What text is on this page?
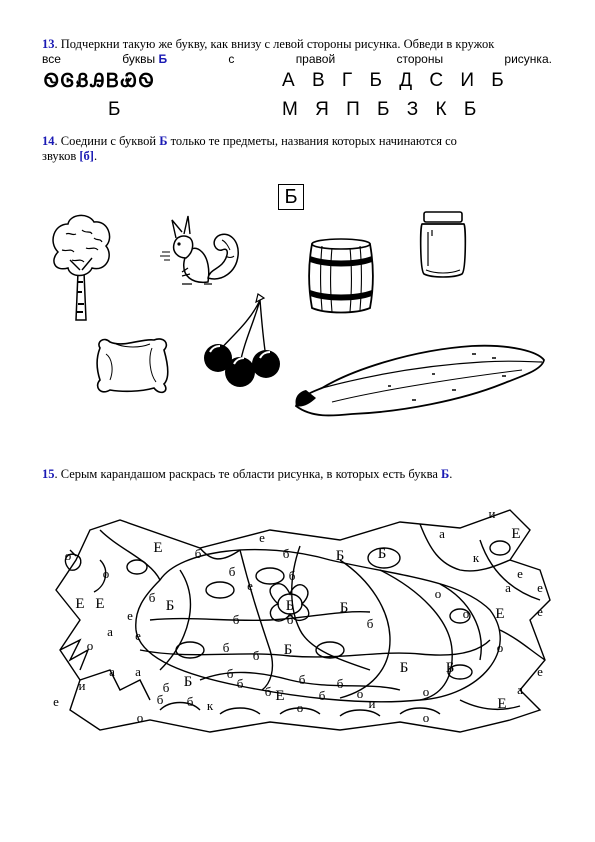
13. Подчеркни такую же букву, как внизу с левой стороны рисунка. Обведи в кружок
все	буквы Б	с	правой	стороны	рисунка.
ᏫᎶᏰᎯᏴᏯᏫ
Б
А В Г Б Д С И Б
М Я П Б З К Б
14. Соедини с буквой Б только те предметы, названия которых начинаются со
звуков [б].
Б
15. Серым карандашом раскрась те области рисунка, в которых есть буква Б.
и
а	Е
Е
е
б	Б
б	к
о	е
о
б	б
Б
Б
е
Е	б
Б
б
Б
о	е
а
б
о
Е
е
о
б
б Б
б
о
Б Б
а
и
а
б Б
б б
б
б
б
о	о
Е
б
б
и
е
о
Е
а
е
к
б
о
о
а
е
Е	е
